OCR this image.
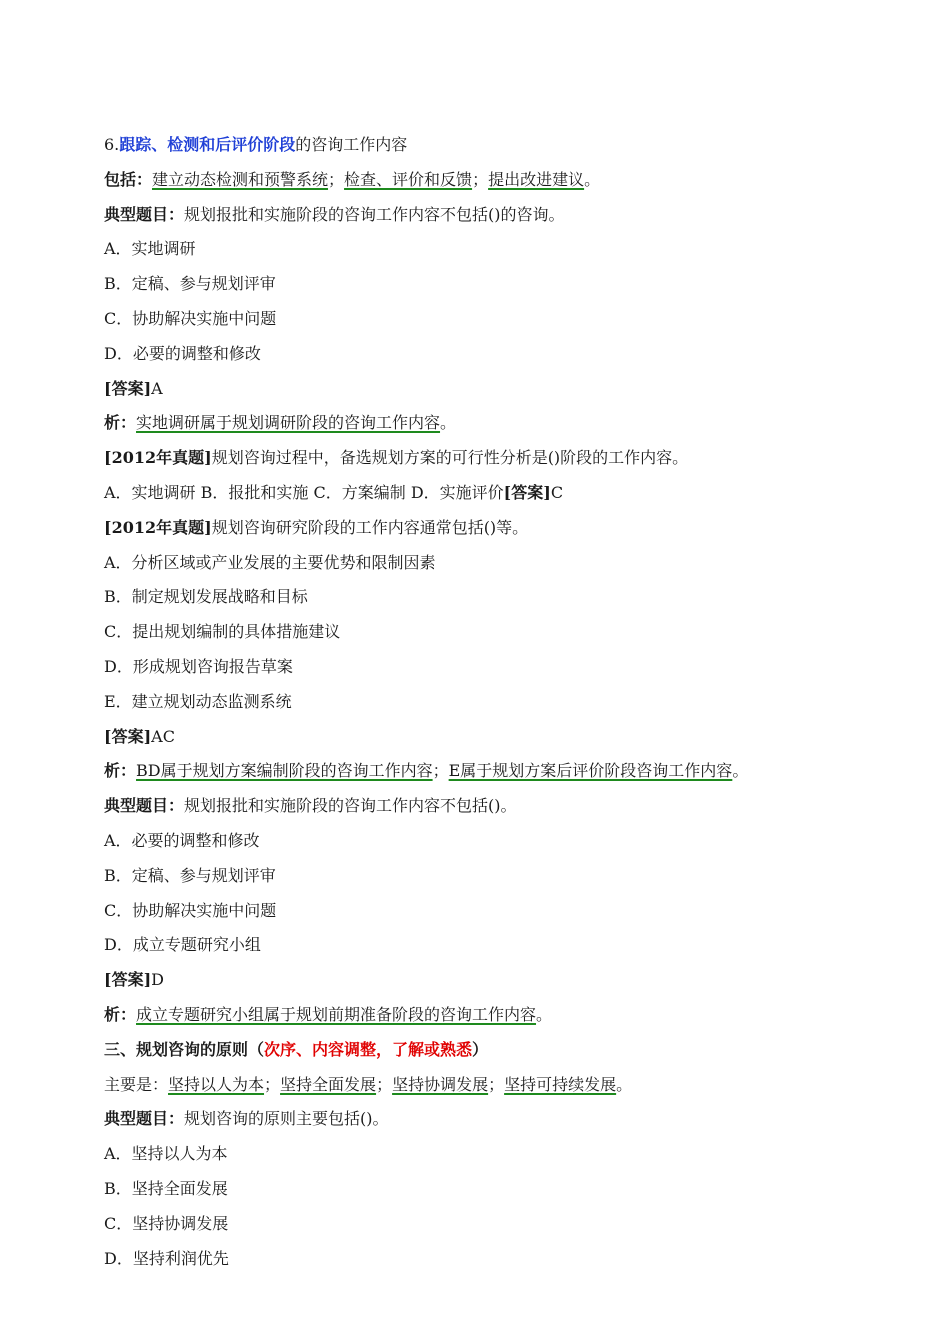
6.跟踪、检测和后评价阶段的咨询工作内容
包括：建立动态检测和预警系统；检查、评价和反馈；提出改进建议。
典型题目：规划报批和实施阶段的咨询工作内容不包括()的咨询。
A．实地调研
B．定稿、参与规划评审
C．协助解决实施中问题
D．必要的调整和修改
[答案]A
析：实地调研属于规划调研阶段的咨询工作内容。
[2012年真题]规划咨询过程中，备选规划方案的可行性分析是()阶段的工作内容。
A．实地调研 B．报批和实施 C．方案编制 D．实施评价[答案]C
[2012年真题]规划咨询研究阶段的工作内容通常包括()等。
A．分析区域或产业发展的主要优势和限制因素
B．制定规划发展战略和目标
C．提出规划编制的具体措施建议
D．形成规划咨询报告草案
E．建立规划动态监测系统
[答案]AC
析：BD属于规划方案编制阶段的咨询工作内容；E属于规划方案后评价阶段咨询工作内容。
典型题目：规划报批和实施阶段的咨询工作内容不包括()。
A．必要的调整和修改
B．定稿、参与规划评审
C．协助解决实施中问题
D．成立专题研究小组
[答案]D
析：成立专题研究小组属于规划前期准备阶段的咨询工作内容。
三、规划咨询的原则（次序、内容调整，了解或熟悉）
主要是：坚持以人为本；坚持全面发展；坚持协调发展；坚持可持续发展。
典型题目：规划咨询的原则主要包括()。
A．坚持以人为本
B．坚持全面发展
C．坚持协调发展
D．坚持利润优先
